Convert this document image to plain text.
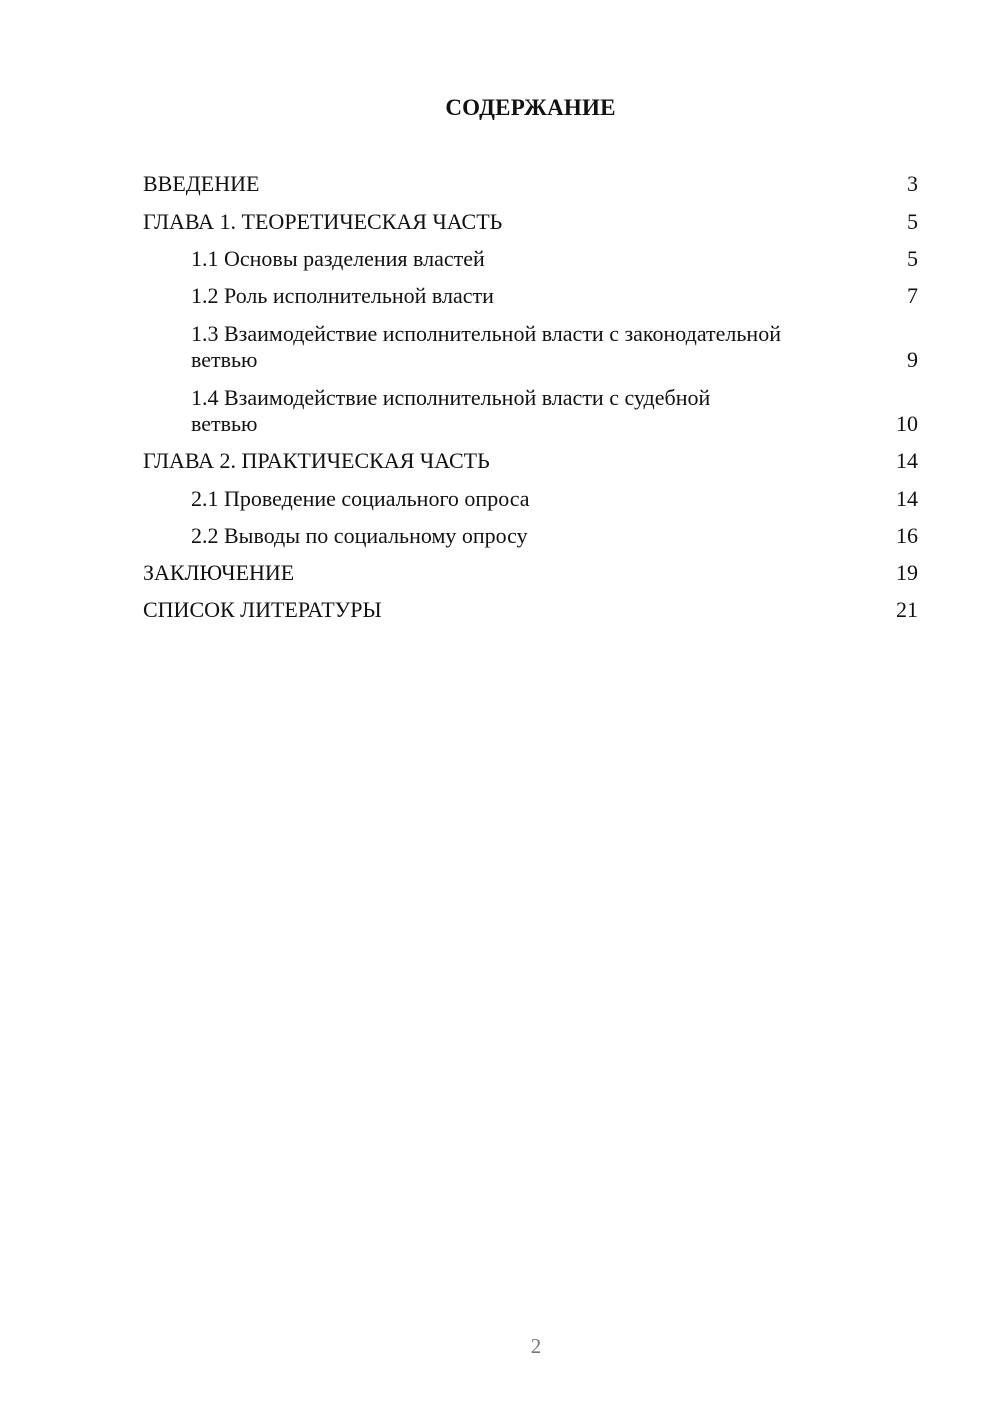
СОДЕРЖАНИЕ
ВВЕДЕНИЕ	3
ГЛАВА 1. ТЕОРЕТИЧЕСКАЯ ЧАСТЬ	5
1.1 Основы разделения властей	5
1.2 Роль исполнительной власти	7
1.3 Взаимодействие исполнительной власти с законодательной ветвью	9
1.4 Взаимодействие исполнительной власти с судебной ветвью	10
ГЛАВА 2. ПРАКТИЧЕСКАЯ ЧАСТЬ	14
2.1 Проведение социального опроса	14
2.2 Выводы по социальному опросу	16
ЗАКЛЮЧЕНИЕ	19
СПИСОК ЛИТЕРАТУРЫ	21
2
